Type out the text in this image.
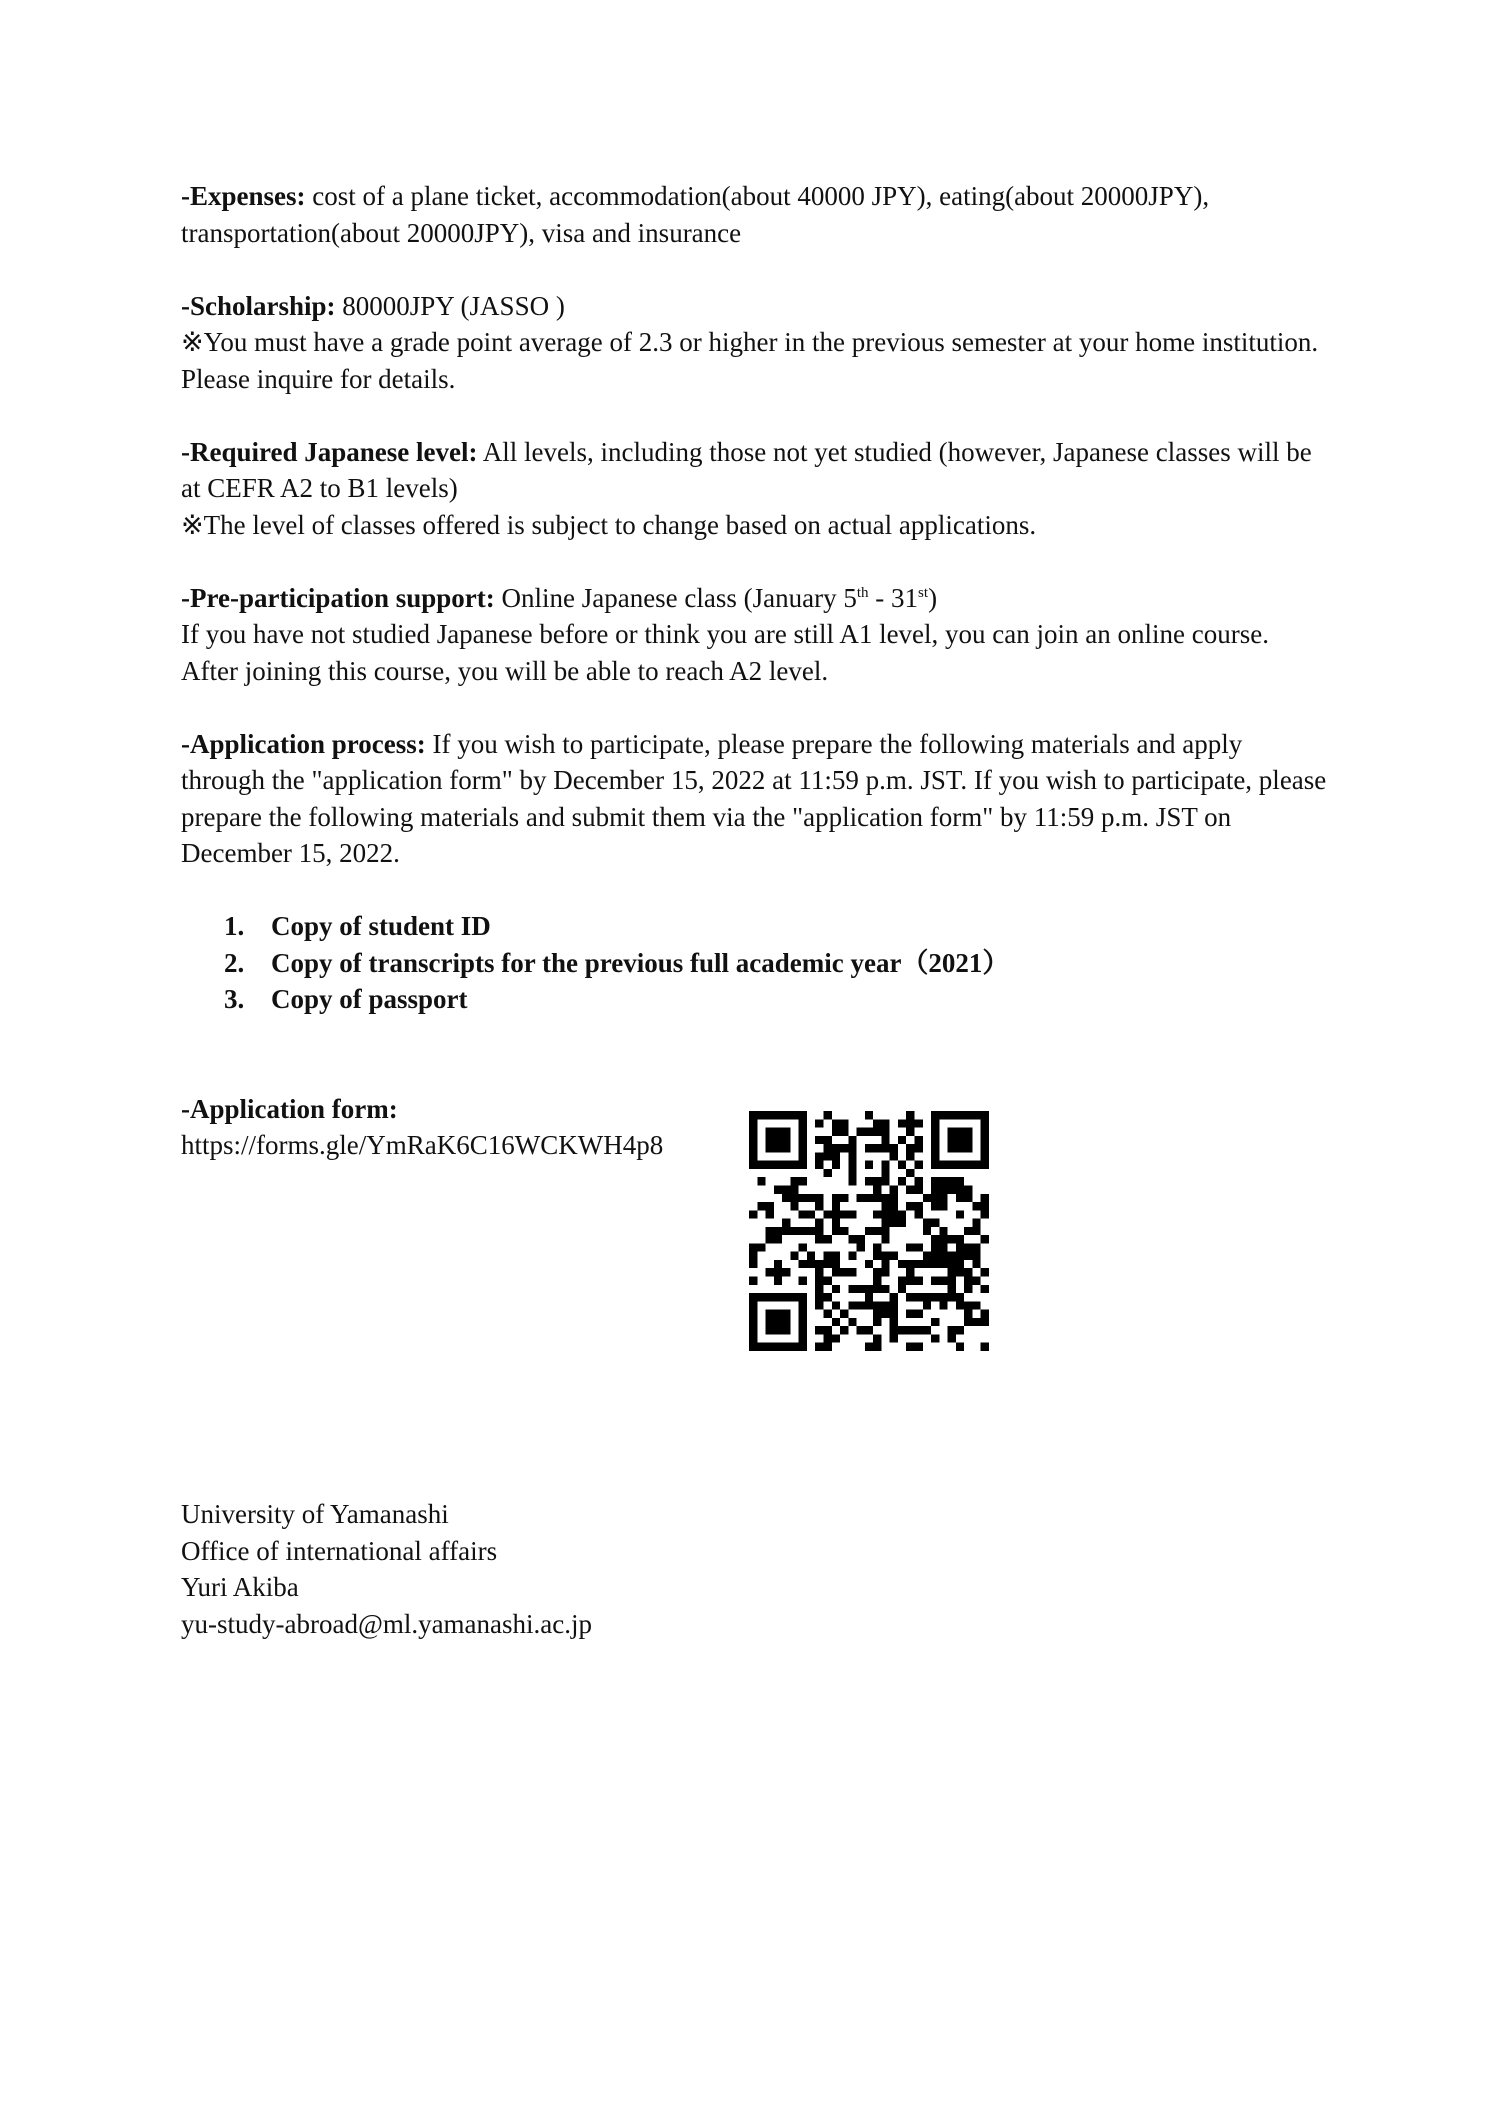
-Expenses: cost of a plane ticket, accommodation(about 40000 JPY), eating(about 20000JPY), transportation(about 20000JPY), visa and insurance

-Scholarship: 80000JPY (JASSO )

※You must have a grade point average of 2.3 or higher in the previous semester at your home institution. Please inquire for details.

-Required Japanese level: All levels, including those not yet studied (however, Japanese classes will be at CEFR A2 to B1 levels)

※The level of classes offered is subject to change based on actual applications.

-Pre-participation support: Online Japanese class (January 5th - 31st)

If you have not studied Japanese before or think you are still A1 level, you can join an online course. After joining this course, you will be able to reach A2 level.

-Application process: If you wish to participate, please prepare the following materials and apply through the "application form" by December 15, 2022 at 11:59 p.m. JST. If you wish to participate, please prepare the following materials and submit them via the "application form" by 11:59 p.m. JST on December 15, 2022.

1. Copy of student ID
2. Copy of transcripts for the previous full academic year（2021）
3. Copy of passport

-Application form:

https://forms.gle/YmRaK6C16WCKWH4p8

University of Yamanashi

Office of international affairs

Yuri Akiba

yu-study-abroad@ml.yamanashi.ac.jp
